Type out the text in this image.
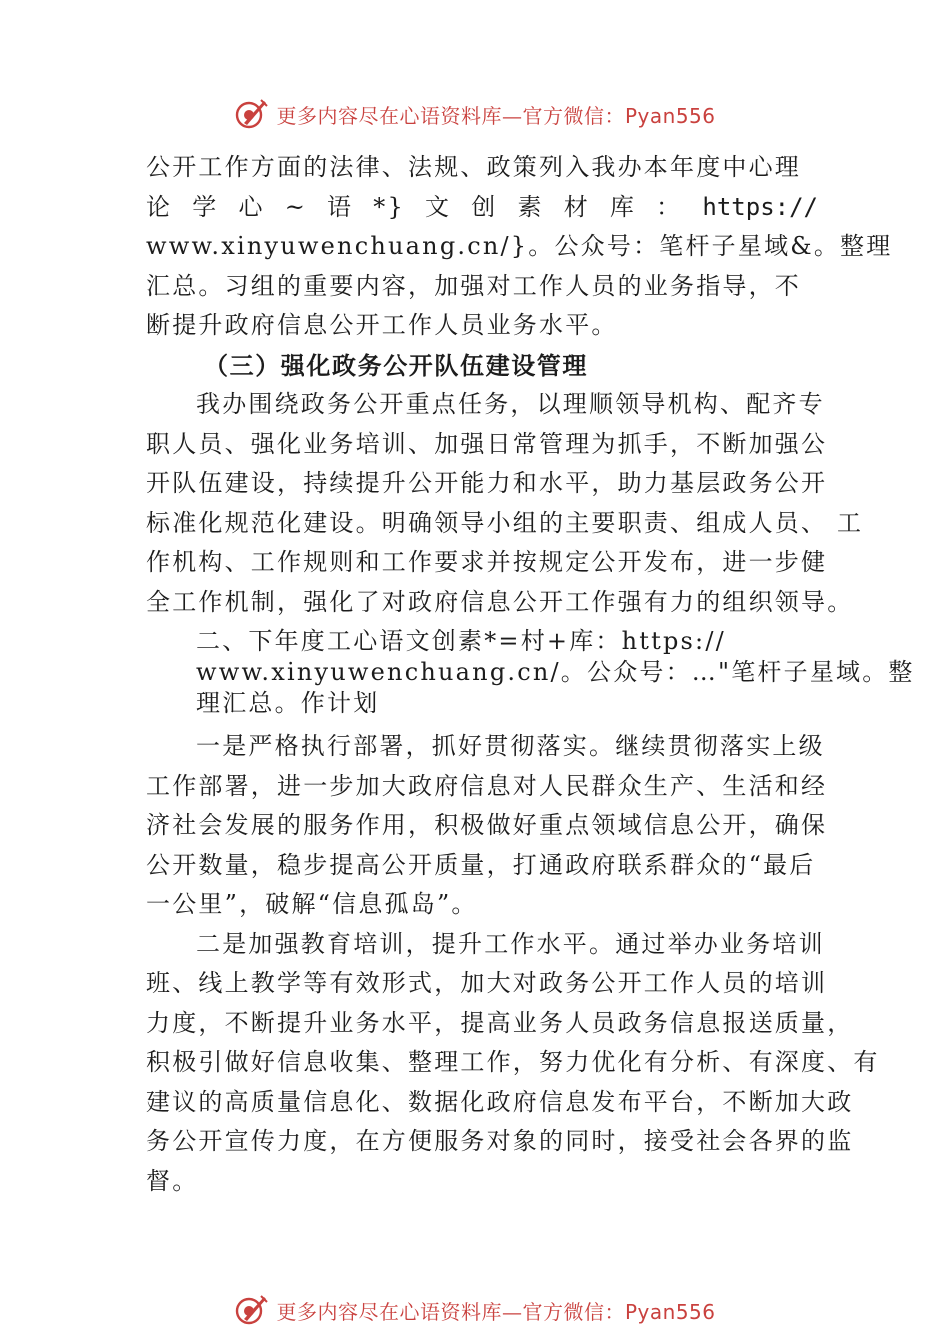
更多内容尽在心语资料库—官方微信：Pyan556
公开工作方面的法律、法规、政策列入我办本年度中心理
论 学 心 ~ 语 *} 文 创 素 材 库 ： https://
www.xinyuwenchuang.cn/}。公众号：笔杆子星域&。整理
汇总。习组的重要内容，加强对工作人员的业务指导，不
断提升政府信息公开工作人员业务水平。
（三）强化政务公开队伍建设管理
我办围绕政务公开重点任务，以理顺领导机构、配齐专
职人员、强化业务培训、加强日常管理为抓手，不断加强公
开队伍建设，持续提升公开能力和水平，助力基层政务公开
标准化规范化建设。明确领导小组的主要职责、组成人员、 工
作机构、工作规则和工作要求并按规定公开发布，进一步健
全工作机制，强化了对政府信息公开工作强有力的组织领导。
二、下年度工心语文创素*=村+库：https://
www.xinyuwenchuang.cn/。公众号：…"笔杆子星域。整
理汇总。作计划
一是严格执行部署，抓好贯彻落实。继续贯彻落实上级
工作部署，进一步加大政府信息对人民群众生产、生活和经
济社会发展的服务作用，积极做好重点领域信息公开，确保
公开数量，稳步提高公开质量，打通政府联系群众的“最后
一公里”，破解“信息孤岛”。
二是加强教育培训，提升工作水平。通过举办业务培训
班、线上教学等有效形式，加大对政务公开工作人员的培训
力度，不断提升业务水平，提高业务人员政务信息报送质量，
积极引做好信息收集、整理工作，努力优化有分析、有深度、有
建议的高质量信息化、数据化政府信息发布平台，不断加大政
务公开宣传力度，在方便服务对象的同时，接受社会各界的监
督。
更多内容尽在心语资料库—官方微信：Pyan556
